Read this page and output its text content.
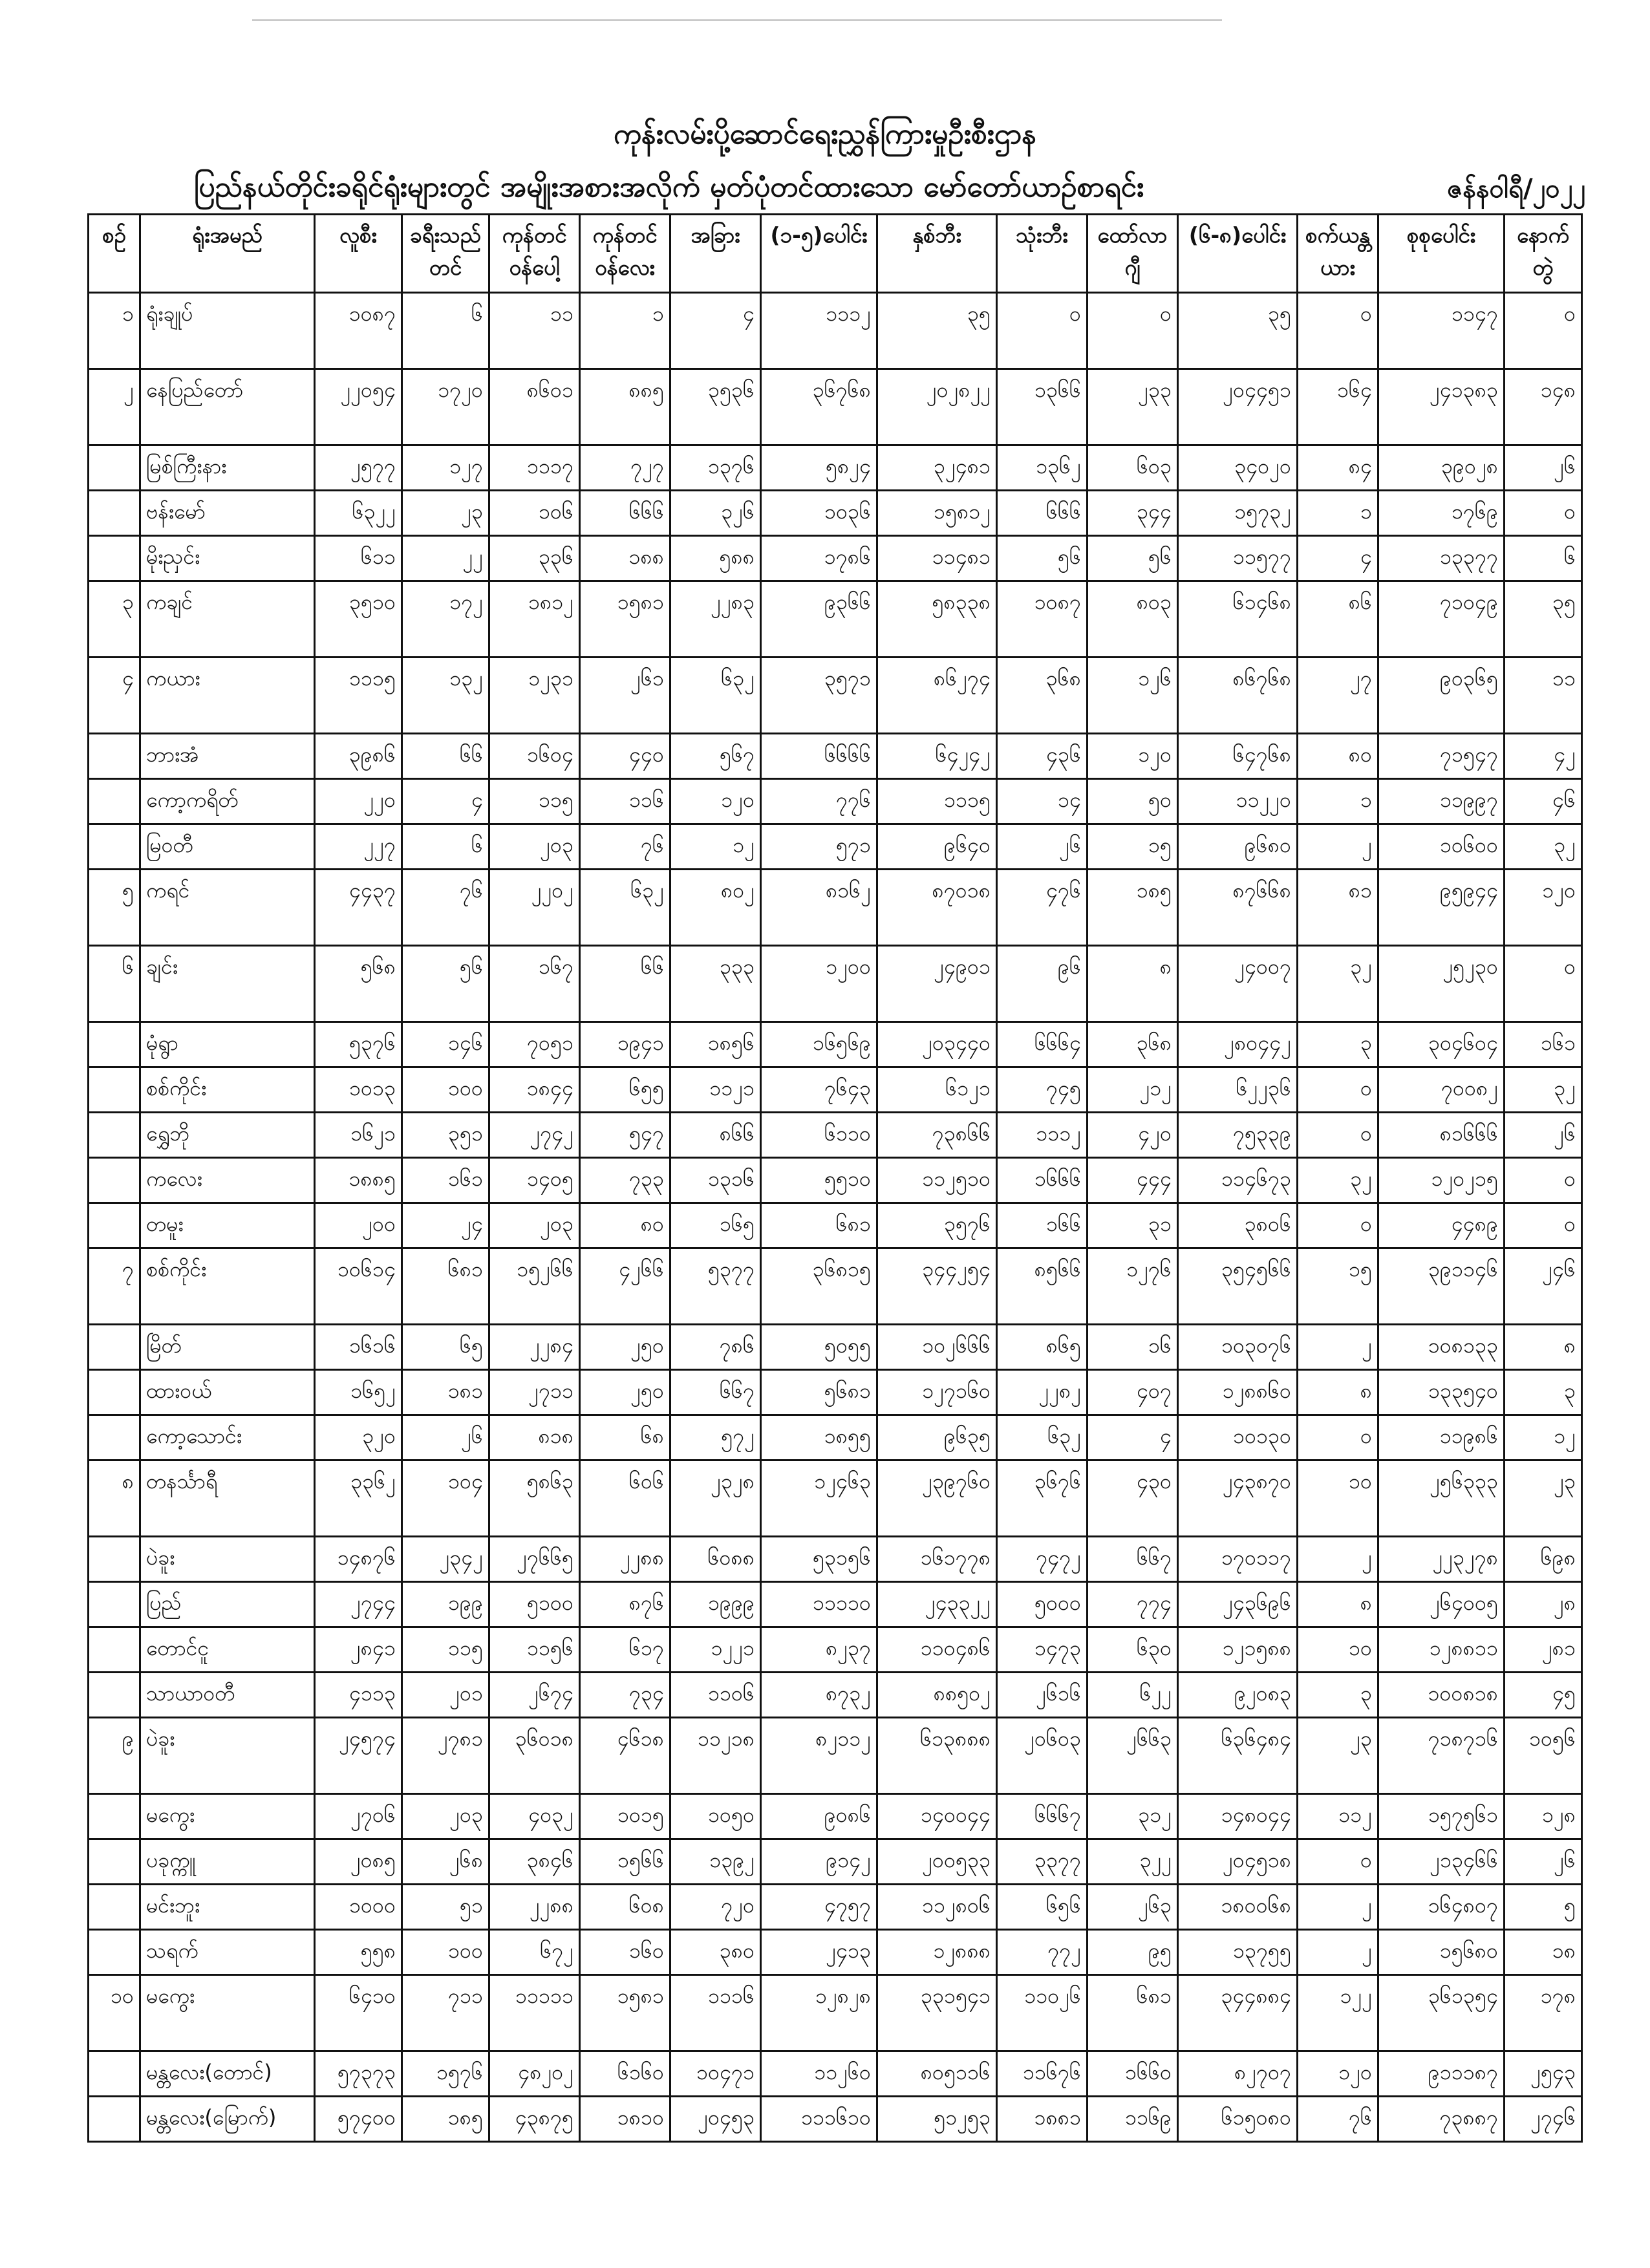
ကုန်းလမ်းပို့ဆောင်ရေးညွှန်ကြားမှုဦးစီးဌာန
ပြည်နယ်တိုင်းခရိုင်ရုံးများတွင် အမျိုးအစားအလိုက် မှတ်ပုံတင်ထားသော မော်တော်ယာဉ်စာရင်း	ဇန်နဝါရီ/၂၀၂၂
စဉ်	ရုံးအမည်	လူစီး	ခရီးသည်တင်	ကုန်တင်ဝန်ပေါ့	ကုန်တင်ဝန်လေး	အခြား	(၁-၅)ပေါင်း	နှစ်ဘီး	သုံးဘီး	ထော်လာဂျီ	(၆-၈)ပေါင်း	စက်ယန္တယား	စုစုပေါင်း	နောက်တွဲ
၁	ရုံးချုပ်	၁၀၈၇	၆	၁၁	၁	၄	၁၁၁၂	၃၅	၀	၀	၃၅	၀	၁၁၄၇	၀
၂	နေပြည်တော်	၂၂၀၅၄	၁၇၂၀	၈၆၀၁	၈၈၅	၃၅၃၆	၃၆၇၆၈	၂၀၂၈၂၂	၁၃၆၆	၂၃၃	၂၀၄၄၅၁	၁၆၄	၂၄၁၃၈၃	၁၄၈
	မြစ်ကြီးနား	၂၅၇၇	၁၂၇	၁၁၁၇	၇၂၇	၁၃၇၆	၅၈၂၄	၃၂၄၈၁	၁၃၆၂	၆၀၃	၃၄၀၂၀	၈၄	၃၉၀၂၈	၂၆
	ဗန်းမော်	၆၃၂၂	၂၃	၁၀၆	၆၆၆	၃၂၆	၁၀၃၆	၁၅၈၁၂	၆၆၆	၃၄၄	၁၅၇၃၂	၁	၁၇၆၉	၀
	မိုးညှင်း	၆၁၁	၂၂	၃၃၆	၁၈၈	၅၈၈	၁၇၈၆	၁၁၄၈၁	၅၆	၅၆	၁၁၅၇၇	၄	၁၃၃၇၇	၆
၃	ကချင်	၃၅၁၀	၁၇၂	၁၈၁၂	၁၅၈၁	၂၂၈၃	၉၃၆၆	၅၈၃၃၈	၁၀၈၇	၈၀၃	၆၁၄၆၈	၈၆	၇၁၀၄၉	၃၅
၄	ကယား	၁၁၁၅	၁၃၂	၁၂၃၁	၂၆၁	၆၃၂	၃၅၇၁	၈၆၂၇၄	၃၆၈	၁၂၆	၈၆၇၆၈	၂၇	၉၀၃၆၅	၁၁
	ဘားအံ	၃၉၈၆	၆၆	၁၆၀၄	၄၄၀	၅၆၇	၆၆၆၆	၆၄၂၄၂	၄၃၆	၁၂၀	၆၄၇၆၈	၈၀	၇၁၅၄၇	၄၂
	ကော့ကရိတ်	၂၂၀	၄	၁၁၅	၁၁၆	၁၂၀	၇၇၆	၁၁၁၅	၁၄	၅၀	၁၁၂၂၀	၁	၁၁၉၉၇	၄၆
	မြဝတီ	၂၂၇	၆	၂၀၃	၇၆	၁၂	၅၇၁	၉၆၄၀	၂၆	၁၅	၉၆၈၀	၂	၁၀၆၀၀	၃၂
၅	ကရင်	၄၄၃၇	၇၆	၂၂၀၂	၆၃၂	၈၀၂	၈၁၆၂	၈၇၀၁၈	၄၇၆	၁၈၅	၈၇၆၆၈	၈၁	၉၅၉၄၄	၁၂၀
၆	ချင်း	၅၆၈	၅၆	၁၆၇	၆၆	၃၃၃	၁၂၀၀	၂၄၉၀၁	၉၆	၈	၂၄၀၀၇	၃၂	၂၅၂၃၀	၀
	မုံရွာ	၅၃၇၆	၁၄၆	၇၀၅၁	၁၉၄၁	၁၈၅၆	၁၆၅၆၉	၂၀၃၄၄၀	၆၆၆၄	၃၆၈	၂၈၀၄၄၂	၃	၃၀၄၆၀၄	၁၆၁
	စစ်ကိုင်း	၁၀၁၃	၁၀၀	၁၈၄၄	၆၅၅	၁၁၂၁	၇၆၄၃	၆၁၂၁	၇၄၅	၂၁၂	၆၂၂၃၆	၀	၇၀၀၈၂	၃၂
	ရွှေဘို	၁၆၂၁	၃၅၁	၂၇၄၂	၅၄၇	၈၆၆	၆၁၁၀	၇၃၈၆၆	၁၁၁၂	၄၂၀	၇၅၃၃၉	၀	၈၁၆၆၆	၂၆
	ကလေး	၁၈၈၅	၁၆၁	၁၄၀၅	၇၃၃	၁၃၁၆	၅၅၁၀	၁၁၂၅၁၀	၁၆၆၆	၄၄၄	၁၁၄၆၇၃	၃၂	၁၂၀၂၁၅	၀
	တမူး	၂၀၀	၂၄	၂၀၃	၈၀	၁၆၅	၆၈၁	၃၅၇၆	၁၆၆	၃၁	၃၈၀၆	၀	၄၄၈၉	၀
၇	စစ်ကိုင်း	၁၀၆၁၄	၆၈၁	၁၅၂၆၆	၄၂၆၆	၅၃၇၇	၃၆၈၁၅	၃၄၄၂၅၄	၈၅၆၆	၁၂၇၆	၃၅၄၅၆၆	၁၅	၃၉၁၁၄၆	၂၄၆
	မြိတ်	၁၆၁၆	၆၅	၂၂၈၄	၂၅၀	၇၈၆	၅၀၅၅	၁၀၂၆၆၆	၈၆၅	၁၆	၁၀၃၀၇၆	၂	၁၀၈၁၃၃	၈
	ထားဝယ်	၁၆၅၂	၁၈၁	၂၇၁၁	၂၅၀	၆၆၇	၅၆၈၁	၁၂၇၁၆၀	၂၂၈၂	၄၀၇	၁၂၈၈၆၀	၈	၁၃၃၅၄၀	၃
	ကော့သောင်း	၃၂၀	၂၆	၈၁၈	၆၈	၅၇၂	၁၈၅၅	၉၆၃၅	၆၃၂	၄	၁၀၁၃၀	၀	၁၁၉၈၆	၁၂
၈	တနင်္သာရီ	၃၃၆၂	၁၀၄	၅၈၆၃	၆၀၆	၂၃၂၈	၁၂၄၆၃	၂၃၉၇၆၀	၃၆၇၆	၄၃၀	၂၄၃၈၇၀	၁၀	၂၅၆၃၃၃	၂၃
	ပဲခူး	၁၄၈၇၆	၂၃၄၂	၂၇၆၆၅	၂၂၈၈	၆၀၈၈	၅၃၁၅၆	၁၆၁၇၇၈	၇၄၇၂	၆၆၇	၁၇၀၁၁၇	၂	၂၂၃၂၇၈	၆၉၈
	ပြည်	၂၇၄၄	၁၉၉	၅၁၀၀	၈၇၆	၁၉၉၉	၁၁၁၁၀	၂၄၃၃၂၂	၅၀၀၀	၇၇၄	၂၄၃၆၉၆	၈	၂၆၄၀၀၅	၂၈
	တောင်ငူ	၂၈၄၁	၁၁၅	၁၁၅၆	၆၁၇	၁၂၂၁	၈၂၃၇	၁၁၀၄၈၆	၁၄၇၃	၆၃၀	၁၂၁၅၈၈	၁၀	၁၂၈၈၁၁	၂၈၁
	သာယာဝတီ	၄၁၁၃	၂၀၁	၂၆၇၄	၇၃၄	၁၁၀၆	၈၇၃၂	၈၈၅၀၂	၂၆၁၆	၆၂၂	၉၂၀၈၃	၃	၁၀၀၈၁၈	၄၅
၉	ပဲခူး	၂၄၅၇၄	၂၇၈၁	၃၆၀၁၈	၄၆၁၈	၁၁၂၁၈	၈၂၁၁၂	၆၁၃၈၈၈	၂၀၆၀၃	၂၆၆၃	၆၃၆၄၈၄	၂၃	၇၁၈၇၁၆	၁၀၅၆
	မကွေး	၂၇၀၆	၂၀၃	၄၀၃၂	၁၀၁၅	၁၀၅၀	၉၀၈၆	၁၄၀၀၄၄	၆၆၆၇	၃၁၂	၁၄၈၀၄၄	၁၁၂	၁၅၇၅၆၁	၁၂၈
	ပခုက္ကူ	၂၀၈၅	၂၆၈	၃၈၄၆	၁၅၆၆	၁၃၉၂	၉၁၄၂	၂၀၀၅၃၃	၃၃၇၇	၃၂၂	၂၀၄၅၁၈	၀	၂၁၃၄၆၆	၂၆
	မင်းဘူး	၁၀၀၀	၅၁	၂၂၈၈	၆၀၈	၇၂၀	၄၇၅၇	၁၁၂၈၀၆	၆၅၆	၂၆၃	၁၈၀၀၆၈	၂	၁၆၄၈၀၇	၅
	သရက်	၅၅၈	၁၀၀	၆၇၂	၁၆၀	၃၈၀	၂၄၁၃	၁၂၈၈၈	၇၇၂	၉၅	၁၃၇၅၅	၂	၁၅၆၈၀	၁၈
၁၀	မကွေး	၆၄၁၀	၇၁၁	၁၁၁၁၁	၁၅၈၁	၁၁၁၆	၁၂၈၂၈	၃၃၁၅၄၁	၁၁၀၂၆	၆၈၁	၃၄၄၈၈၄	၁၂၂	၃၆၁၃၅၄	၁၇၈
	မန္တလေး(တောင်)	၅၇၃၇၃	၁၅၇၆	၄၈၂၀၂	၆၁၆၀	၁၀၄၇၁	၁၁၂၆၀	၈၀၅၁၁၆	၁၁၆၇၆	၁၆၆၀	၈၂၇၀၇	၁၂၀	၉၁၁၁၈၇	၂၅၄၃
	မန္တလေး(မြောက်)	၅၇၄၀၀	၁၈၅	၄၃၈၇၅	၁၈၁၀	၂၀၄၅၃	၁၁၁၆၁၀	၅၁၂၅၃	၁၈၈၁	၁၁၆၉	၆၁၅၀၈၀	၇၆	၇၃၈၈၇	၂၇၄၆
